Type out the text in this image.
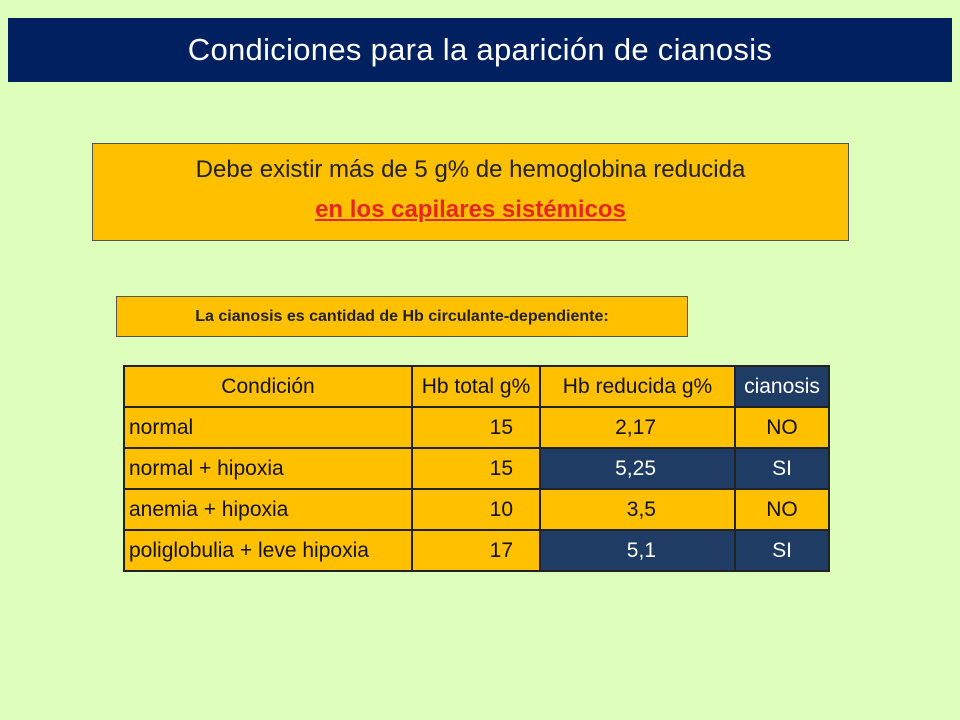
Condiciones para la aparición de cianosis
Debe existir más de 5 g% de hemoglobina reducida
en los capilares sistémicos
La cianosis es cantidad de Hb circulante-dependiente:
Condición	Hb total g%	Hb reducida g%	cianosis
normal	15	2,17	NO
normal + hipoxia	15	5,25	SI
anemia + hipoxia	10	3,5	NO
poliglobulia + leve hipoxia	17	5,1	SI
